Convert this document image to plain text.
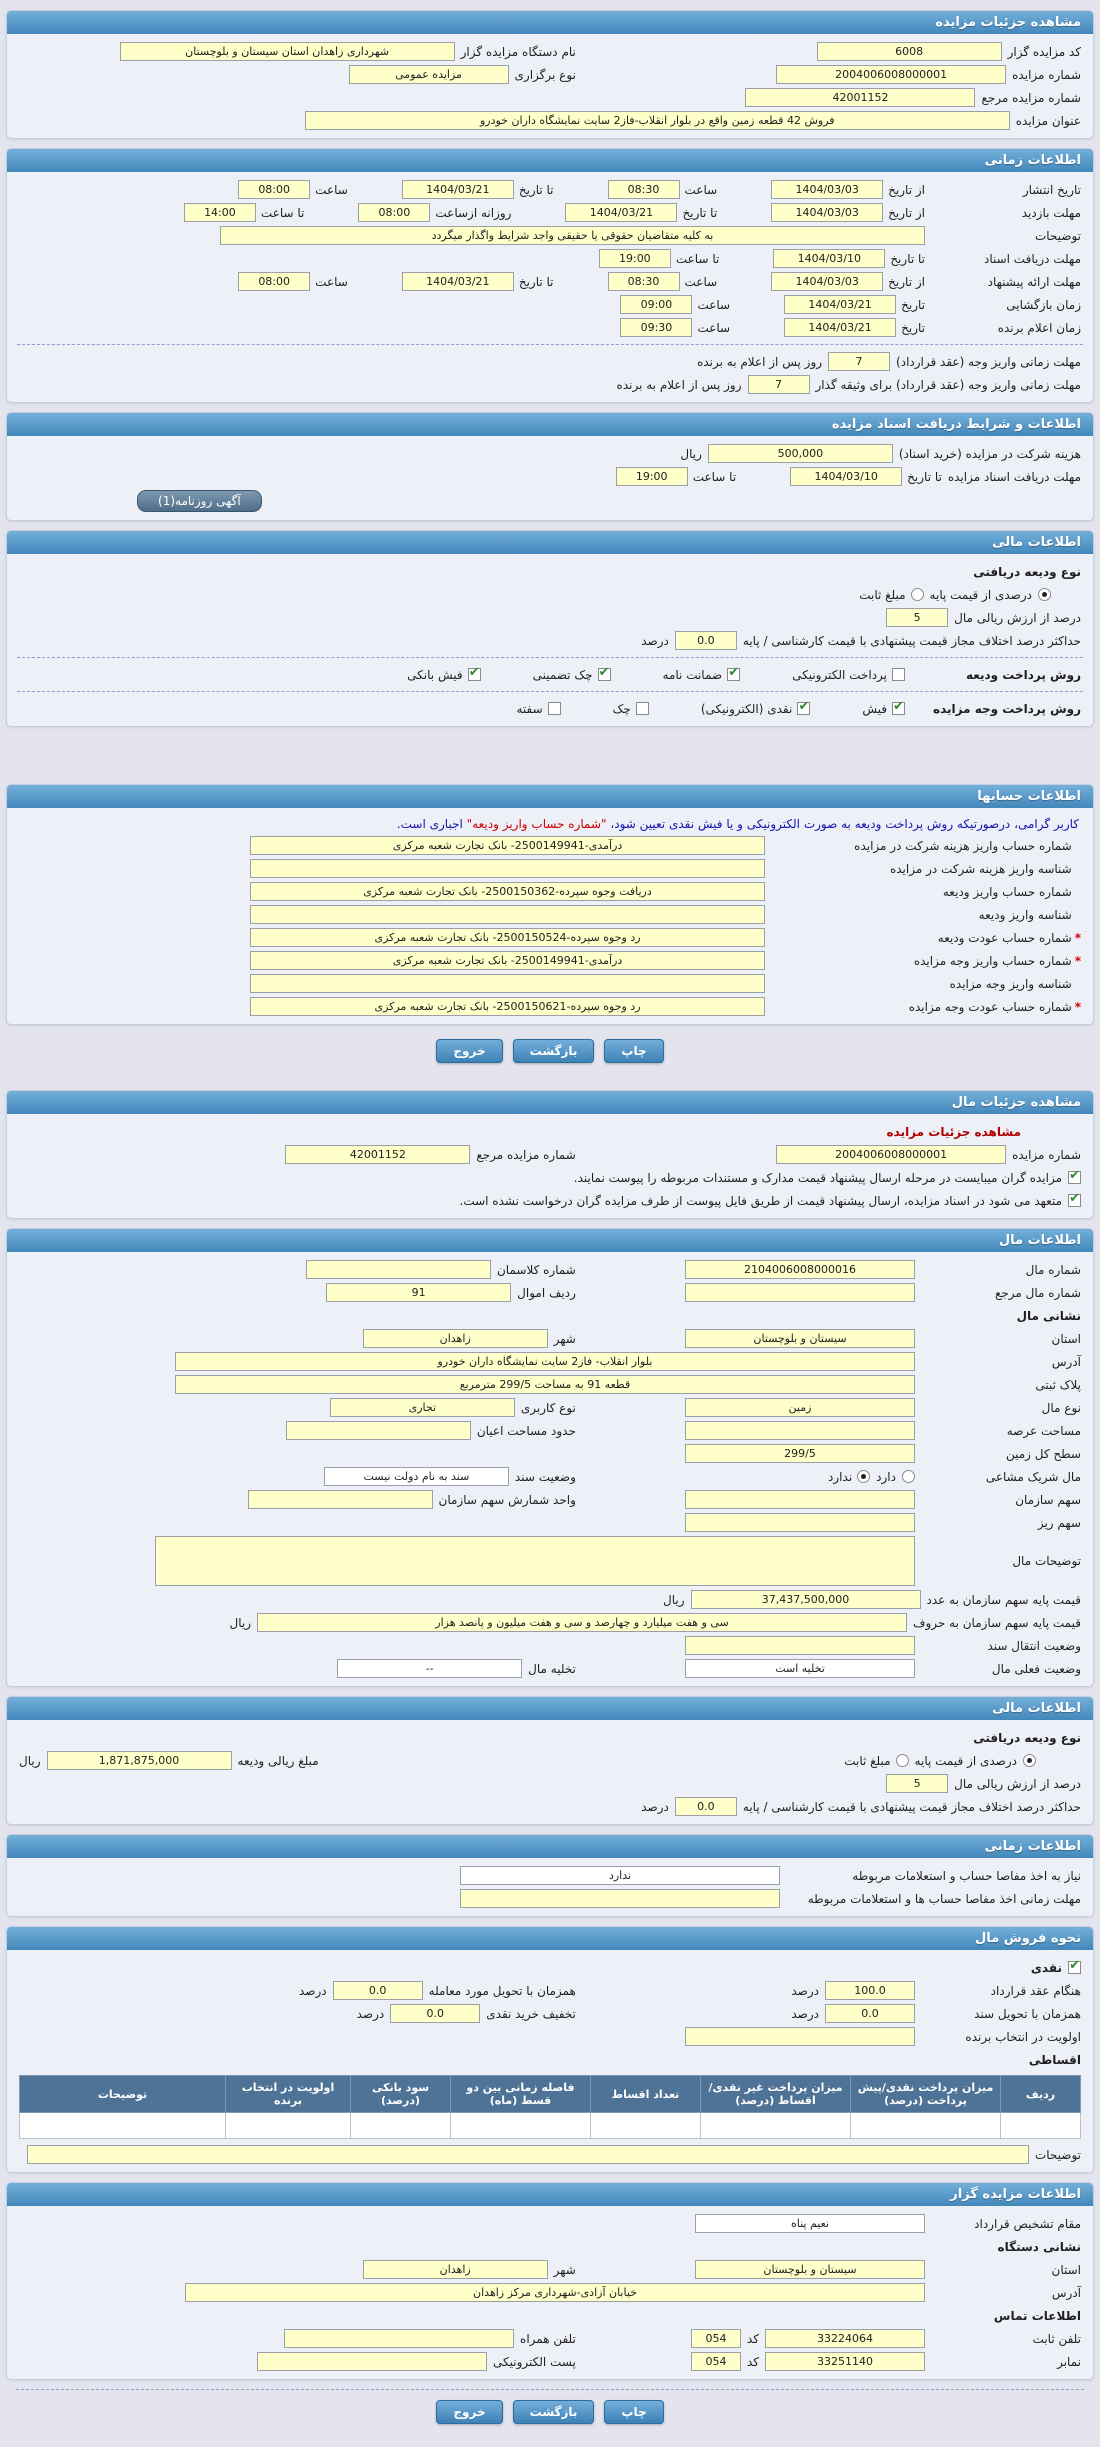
مشاهده جزئیات مزایده
کد مزایده گزار
6008
نام دستگاه مزایده گزار
شهرداری زاهدان استان سیستان و بلوچستان
شماره مزایده
2004006008000001
نوع برگزاری
مزایده عمومی
شماره مزایده مرجع
42001152
عنوان مزایده
فروش 42 قطعه زمین واقع در بلوار انقلاب-فاز2 سایت نمایشگاه داران خودرو
اطلاعات زمانی
تاریخ انتشار
از تاریخ
1404/03/03
ساعت
08:30
تا تاریخ
1404/03/21
ساعت
08:00
مهلت بازدید
از تاریخ
1404/03/03
تا تاریخ
1404/03/21
روزانه ازساعت
08:00
تا ساعت
14:00
توضیحات
به کلیه متقاضیان حقوقی یا حقیقی واجد شرایط واگذار میگردد
مهلت دریافت اسناد
تا تاریخ
1404/03/10
تا ساعت
19:00
مهلت ارائه پیشنهاد
از تاریخ
1404/03/03
ساعت
08:30
تا تاریخ
1404/03/21
ساعت
08:00
زمان بازگشایی
تاریخ
1404/03/21
ساعت
09:00
زمان اعلام برنده
تاریخ
1404/03/21
ساعت
09:30
مهلت زمانی واریز وجه (عقد قرارداد)
7
روز پس از اعلام به برنده
مهلت زمانی واریز وجه (عقد قرارداد) برای وثیقه گذار
7
روز پس از اعلام به برنده
اطلاعات و شرایط دریافت اسناد مزایده
هزینه شرکت در مزایده (خرید اسناد)
500,000
ریال
مهلت دریافت اسناد مزایده
تا تاریخ
1404/03/10
تا ساعت
19:00
آگهی روزنامه(1)
اطلاعات مالی
نوع ودیعه دریافتی
درصدی از قیمت پایه
مبلغ ثابت
درصد از ارزش ریالی مال
5
حداکثر درصد اختلاف مجاز قیمت پیشنهادی با قیمت کارشناسی / پایه
0.0
درصد
روش پرداخت ودیعه
پرداخت الکترونیکی
✔
ضمانت نامه
✔
چک تضمینی
✔
فیش بانکی
روش پرداخت وجه مزایده
✔
فیش
✔
نقدی (الکترونیکی)
چک
سفته
اطلاعات حسابها
کاربر گرامی، درصورتیکه روش پرداخت ودیعه به صورت الکترونیکی و یا فیش نقدی تعیین شود، "شماره حساب واریز ودیعه" اجباری است.
شماره حساب واریز هزینه شرکت در مزایده
درآمدی-2500149941- بانک تجارت شعبه مرکزی
شناسه واریز هزینه شرکت در مزایده
شماره حساب واریز ودیعه
دریافت وجوه سپرده-2500150362- بانک تجارت شعبه مرکزی
شناسه واریز ودیعه
*شماره حساب عودت ودیعه
رد وجوه سپرده-2500150524- بانک تجارت شعبه مرکزی
*شماره حساب واریز وجه مزایده
درآمدی-2500149941- بانک تجارت شعبه مرکزی
شناسه واریز وجه مزایده
*شماره حساب عودت وجه مزایده
رد وجوه سپرده-2500150621- بانک تجارت شعبه مرکزی
چاپ
بازگشت
خروج
مشاهده جزئیات مال
مشاهده جزئیات مزایده
شماره مزایده
2004006008000001
شماره مزایده مرجع
42001152
✔
مزایده گران میبایست در مرحله ارسال پیشنهاد قیمت مدارک و مستندات مربوطه را پیوست نمایند.
✔
متعهد می شود در اسناد مزایده، ارسال پیشنهاد قیمت از طریق فایل پیوست از طرف مزایده گران درخواست نشده است.
اطلاعات مال
شماره مال
2104006008000016
شماره کلاسمان
شماره مال مرجع
ردیف اموال
91
نشانی مال
استان
سیستان و بلوچستان
شهر
زاهدان
آدرس
بلوار انقلاب- فاز2 سایت نمایشگاه داران خودرو
پلاک ثبتی
قطعه 91 به مساحت 299/5 مترمربع
نوع مال
زمین
نوع کاربری
تجاری
مساحت عرصه
حدود مساحت اعیان
سطح کل زمین
299/5
مال شریک مشاعی
دارد
ندارد
وضعیت سند
سند به نام دولت نیست
سهم سازمان
واحد شمارش سهم سازمان
سهم ریز
توضیحات مال
قیمت پایه سهم سازمان به عدد
37,437,500,000
ریال
قیمت پایه سهم سازمان به حروف
سی و هفت میلیارد و چهارصد و سی و هفت میلیون و پانصد هزار
ریال
وضعیت انتقال سند
وضعیت فعلی مال
تخلیه است
تخلیه مال
--
اطلاعات مالی
نوع ودیعه دریافتی
درصدی از قیمت پایه
مبلغ ثابت
مبلغ ریالی ودیعه
1,871,875,000
ریال
درصد از ارزش ریالی مال
5
حداکثر درصد اختلاف مجاز قیمت پیشنهادی با قیمت کارشناسی / پایه
0.0
درصد
اطلاعات زمانی
نیاز به اخذ مفاصا حساب و استعلامات مربوطه
ندارد
مهلت زمانی اخذ مفاصا حساب ها و استعلامات مربوطه
نحوه فروش مال
✔
نقدی
هنگام عقد قرارداد
100.0
درصد
همزمان با تحویل مورد معامله
0.0
درصد
همزمان با تحویل سند
0.0
درصد
تخفیف خرید نقدی
0.0
درصد
اولویت در انتخاب برنده
اقساطی
ردیف	میزان پرداخت نقدی/پیش پرداخت (درصد)	میزان پرداخت غیر نقدی/اقساط (درصد)	تعداد اقساط	فاصله زمانی بین دو قسط (ماه)	سود بانکی (درصد)	اولویت در انتخاب برنده	توضیحات

توضیحات
اطلاعات مزایده گزار
مقام تشخیص قرارداد
نعیم پناه
نشانی دستگاه
استان
سیستان و بلوچستان
شهر
زاهدان
آدرس
خیابان آزادی-شهرداری مرکز زاهدان
اطلاعات تماس
تلفن ثابت
33224064
کد
054
تلفن همراه
نمابر
33251140
کد
054
پست الکترونیکی
چاپ
بازگشت
خروج
